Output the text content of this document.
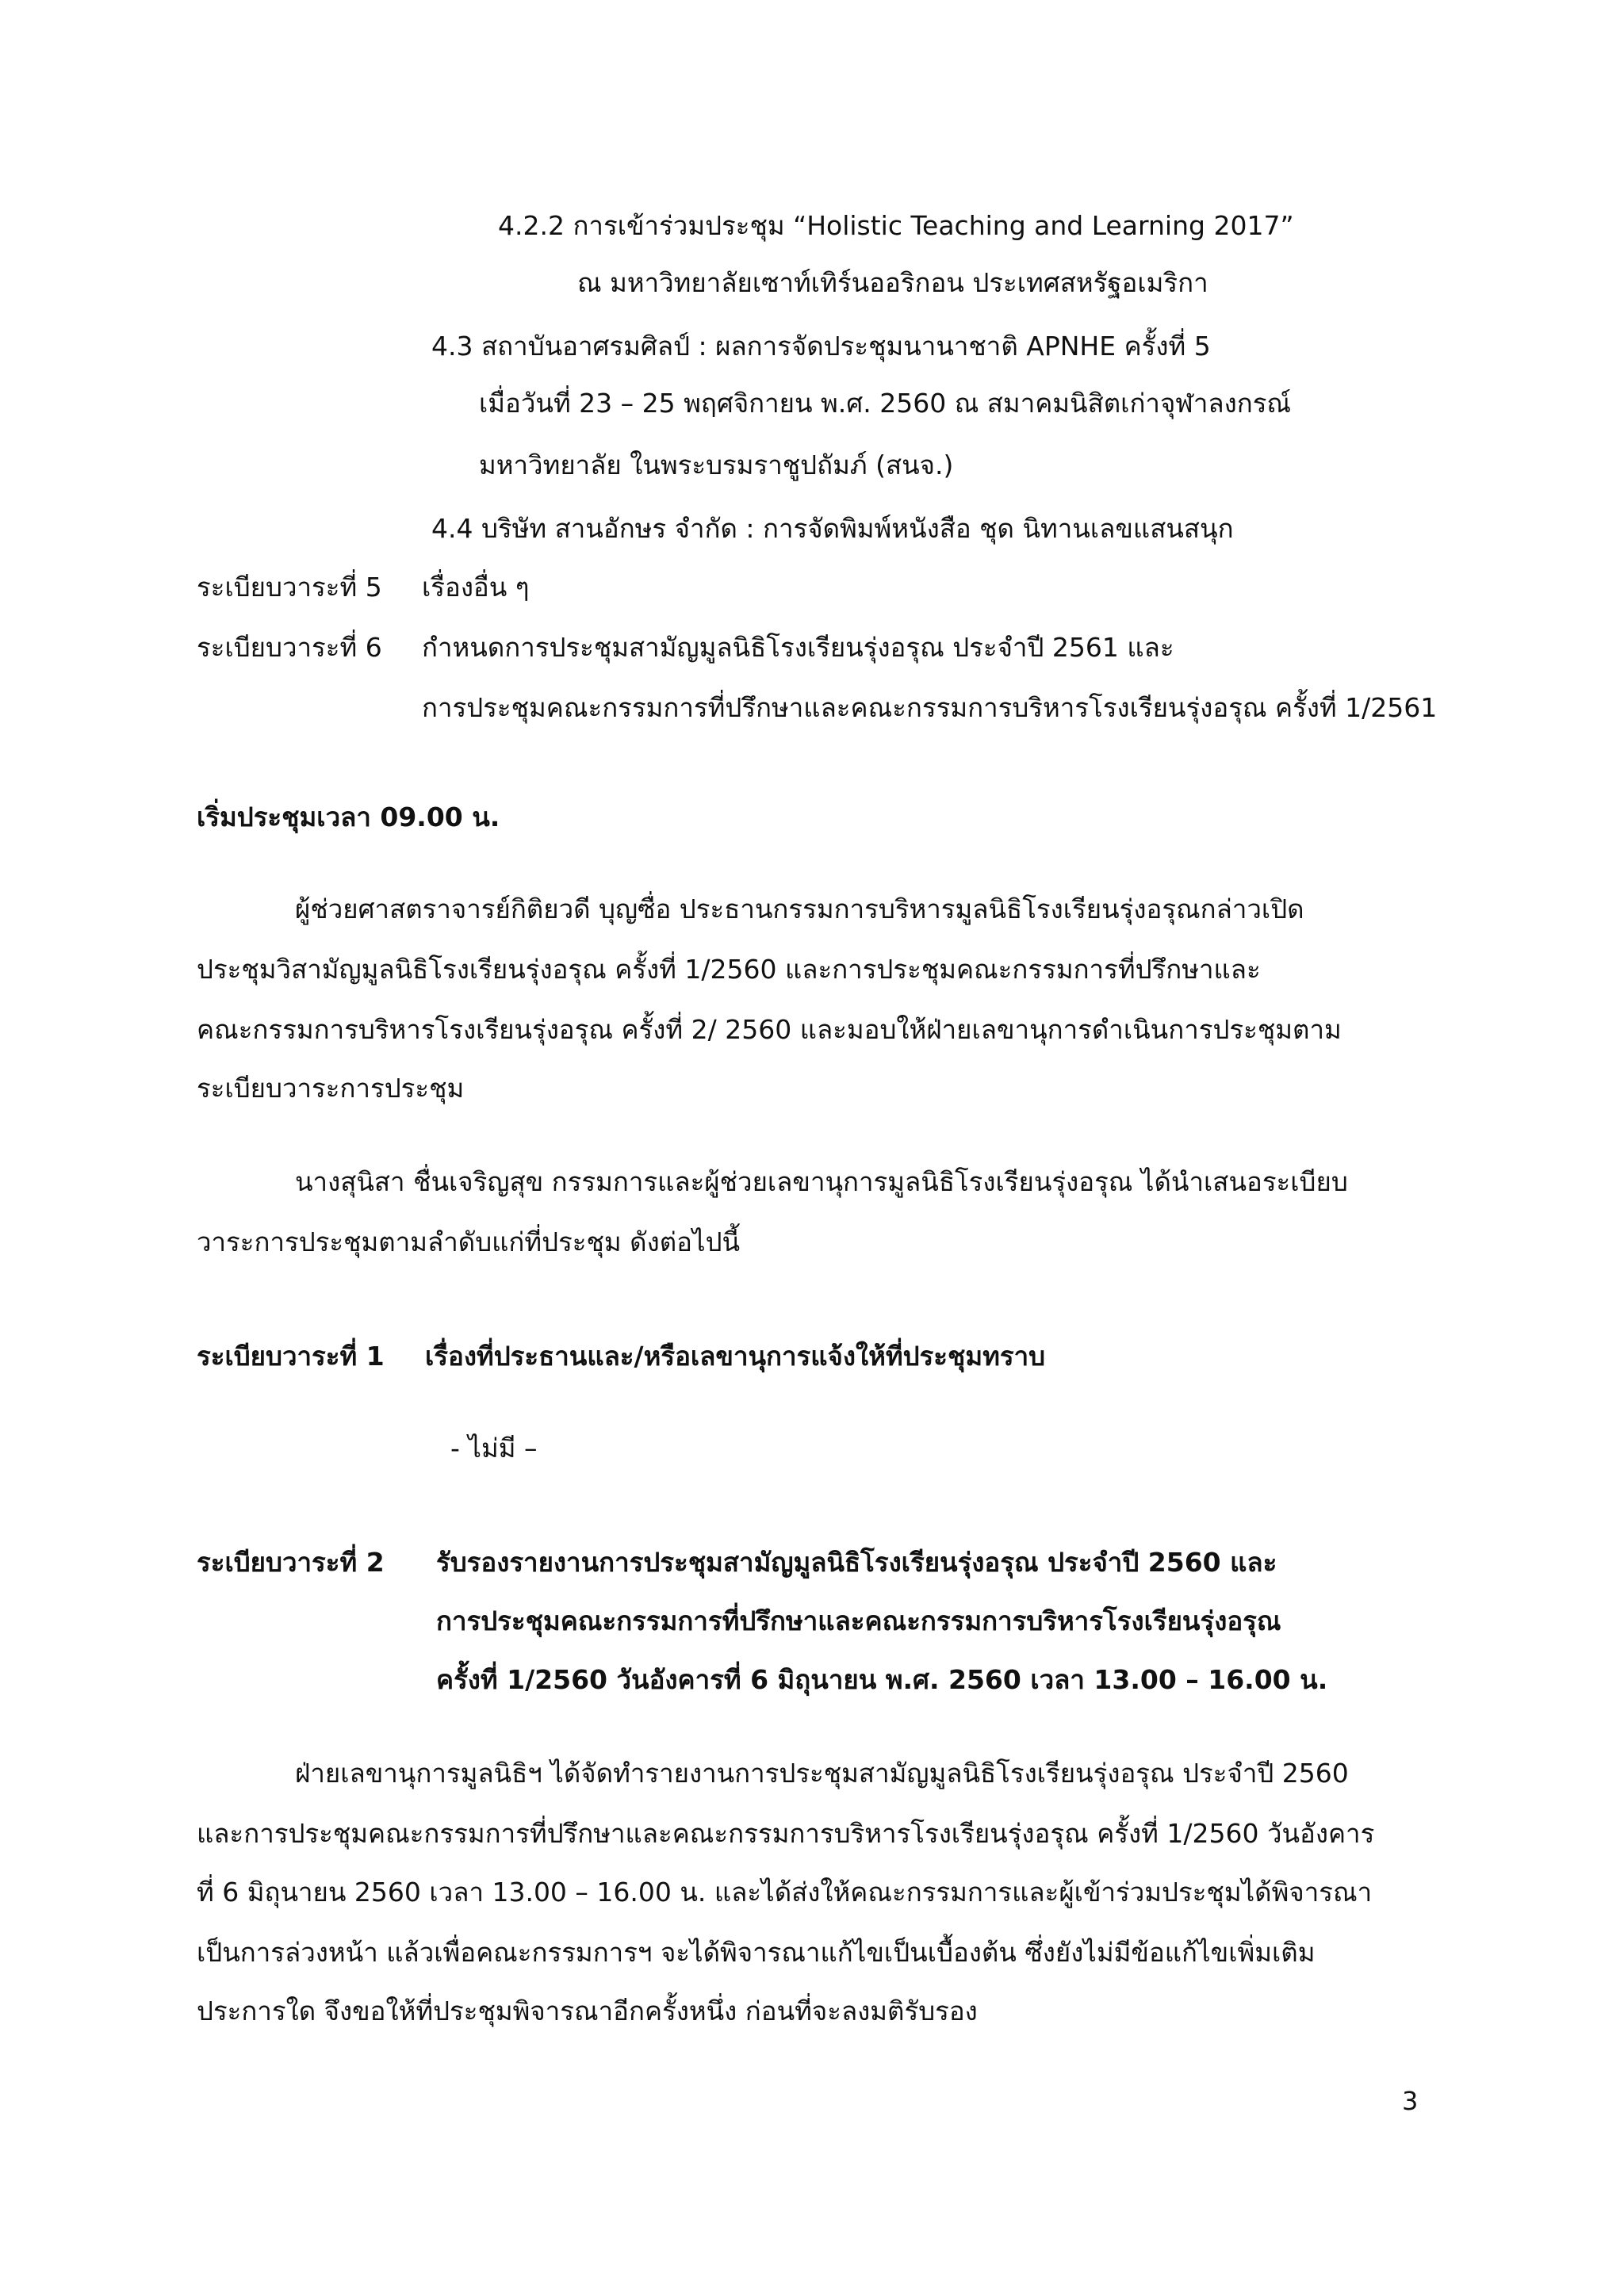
4.2.2 การเข้าร่วมประชุม “Holistic Teaching and Learning 2017”
ณ มหาวิทยาลัยเซาท์เทิร์นออริกอน ประเทศสหรัฐอเมริกา
4.3 สถาบันอาศรมศิลป์ : ผลการจัดประชุมนานาชาติ APNHE ครั้งที่ 5
เมื่อวันที่ 23 – 25 พฤศจิกายน พ.ศ. 2560 ณ สมาคมนิสิตเก่าจุฬาลงกรณ์
มหาวิทยาลัย ในพระบรมราชูปถัมภ์ (สนจ.)
4.4 บริษัท สานอักษร จำกัด : การจัดพิมพ์หนังสือ ชุด นิทานเลขแสนสนุก
ระเบียบวาระที่ 5 เรื่องอื่น ๆ
ระเบียบวาระที่ 6 กำหนดการประชุมสามัญมูลนิธิโรงเรียนรุ่งอรุณ ประจำปี 2561 และ
การประชุมคณะกรรมการที่ปรึกษาและคณะกรรมการบริหารโรงเรียนรุ่งอรุณ ครั้งที่ 1/2561
เริ่มประชุมเวลา 09.00 น.
ผู้ช่วยศาสตราจารย์กิติยวดี บุญซื่อ ประธานกรรมการบริหารมูลนิธิโรงเรียนรุ่งอรุณกล่าวเปิด
ประชุมวิสามัญมูลนิธิโรงเรียนรุ่งอรุณ ครั้งที่ 1/2560 และการประชุมคณะกรรมการที่ปรึกษาและ
คณะกรรมการบริหารโรงเรียนรุ่งอรุณ ครั้งที่ 2/ 2560 และมอบให้ฝ่ายเลขานุการดำเนินการประชุมตาม
ระเบียบวาระการประชุม
นางสุนิสา ชื่นเจริญสุข กรรมการและผู้ช่วยเลขานุการมูลนิธิโรงเรียนรุ่งอรุณ ได้นำเสนอระเบียบ
วาระการประชุมตามลำดับแก่ที่ประชุม ดังต่อไปนี้
ระเบียบวาระที่ 1 เรื่องที่ประธานและ/หรือเลขานุการแจ้งให้ที่ประชุมทราบ
- ไม่มี –
ระเบียบวาระที่ 2 รับรองรายงานการประชุมสามัญมูลนิธิโรงเรียนรุ่งอรุณ ประจำปี 2560 และ
การประชุมคณะกรรมการที่ปรึกษาและคณะกรรมการบริหารโรงเรียนรุ่งอรุณ
ครั้งที่ 1/2560 วันอังคารที่ 6 มิถุนายน พ.ศ. 2560 เวลา 13.00 – 16.00 น.
ฝ่ายเลขานุการมูลนิธิฯ ได้จัดทำรายงานการประชุมสามัญมูลนิธิโรงเรียนรุ่งอรุณ ประจำปี 2560
และการประชุมคณะกรรมการที่ปรึกษาและคณะกรรมการบริหารโรงเรียนรุ่งอรุณ ครั้งที่ 1/2560 วันอังคาร
ที่ 6 มิถุนายน 2560 เวลา 13.00 – 16.00 น. และได้ส่งให้คณะกรรมการและผู้เข้าร่วมประชุมได้พิจารณา
เป็นการล่วงหน้า แล้วเพื่อคณะกรรมการฯ จะได้พิจารณาแก้ไขเป็นเบื้องต้น ซึ่งยังไม่มีข้อแก้ไขเพิ่มเติม
ประการใด จึงขอให้ที่ประชุมพิจารณาอีกครั้งหนึ่ง ก่อนที่จะลงมติรับรอง
3
